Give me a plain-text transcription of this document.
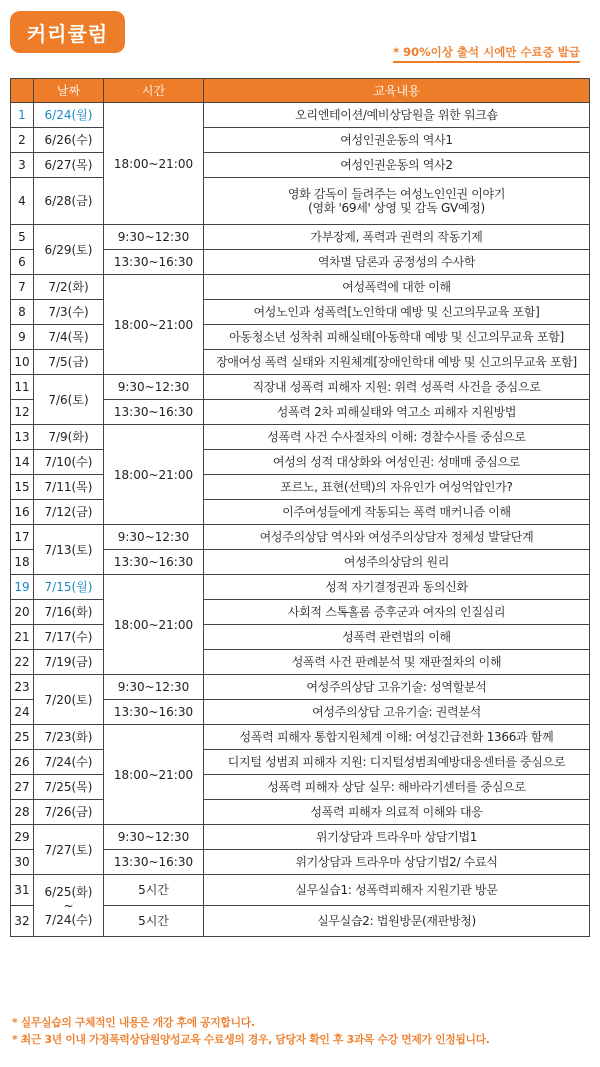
커리큘럼
* 90%이상 출석 시에만 수료증 발급
	날짜	시간	교육내용
1	6/24(월)	18:00~21:00	오리엔테이션/예비상담원을 위한 워크숍
2	6/26(수)		여성인권운동의 역사1
3	6/27(목)		여성인권운동의 역사2
4	6/28(금)		영화 감독이 들려주는 여성노인인권 이야기
(영화 '69세' 상영 및 감독 GV예정)

5	6/29(토)	9:30~12:30	가부장제, 폭력과 권력의 작동기제
6		13:30~16:30	역차별 담론과 공정성의 수사학
7	7/2(화)	18:00~21:00	여성폭력에 대한 이해
8	7/3(수)		여성노인과 성폭력[노인학대 예방 및 신고의무교육 포함]
9	7/4(목)		아동청소년 성착취 피해실태[아동학대 예방 및 신고의무교육 포함]
10	7/5(금)		장애여성 폭력 실태와 지원체계[장애인학대 예방 및 신고의무교육 포함]
11	7/6(토)	9:30~12:30	직장내 성폭력 피해자 지원: 위력 성폭력 사건을 중심으로
12		13:30~16:30	성폭력 2차 피해실태와 역고소 피해자 지원방법
13	7/9(화)	18:00~21:00	성폭력 사건 수사절차의 이해: 경찰수사를 중심으로
14	7/10(수)		여성의 성적 대상화와 여성인권: 성매매 중심으로
15	7/11(목)		포르노, 표현(선택)의 자유인가 여성억압인가?
16	7/12(금)		이주여성들에게 작동되는 폭력 매커니즘 이해
17	7/13(토)	9:30~12:30	여성주의상담 역사와 여성주의상담자 정체성 발달단계
18		13:30~16:30	여성주의상담의 원리
19	7/15(월)	18:00~21:00	성적 자기결정권과 동의신화
20	7/16(화)		사회적 스톡홀롬 증후군과 여자의 인질심리
21	7/17(수)		성폭력 관련법의 이해
22	7/19(금)		성폭력 사건 판례분석 및 재판절차의 이해
23	7/20(토)	9:30~12:30	여성주의상담 고유기술: 성역할분석
24		13:30~16:30	여성주의상담 고유기술: 권력분석
25	7/23(화)	18:00~21:00	성폭력 피해자 통합지원체계 이해: 여성긴급전화 1366과 함께
26	7/24(수)		디지털 성범죄 피해자 지원: 디지털성범죄예방대응센터를 중심으로
27	7/25(목)		성폭력 피해자 상담 실무: 해바라기센터를 중심으로
28	7/26(금)		성폭력 피해자 의료적 이해와 대응
29	7/27(토)	9:30~12:30	위기상담과 트라우마 상담기법1
30		13:30~16:30	위기상담과 트라우마 상담기법2/ 수료식
31	6/25(화)
~
7/24(수)	5시간	실무실습1: 성폭력피해자 지원기관 방문
32		5시간	실무실습2: 법원방문(재판방청)
* 실무실습의 구체적인 내용은 개강 후에 공지합니다.
* 최근 3년 이내 가정폭력상담원양성교육 수료생의 경우, 담당자 확인 후 3과목 수강 면제가 인정됩니다.
